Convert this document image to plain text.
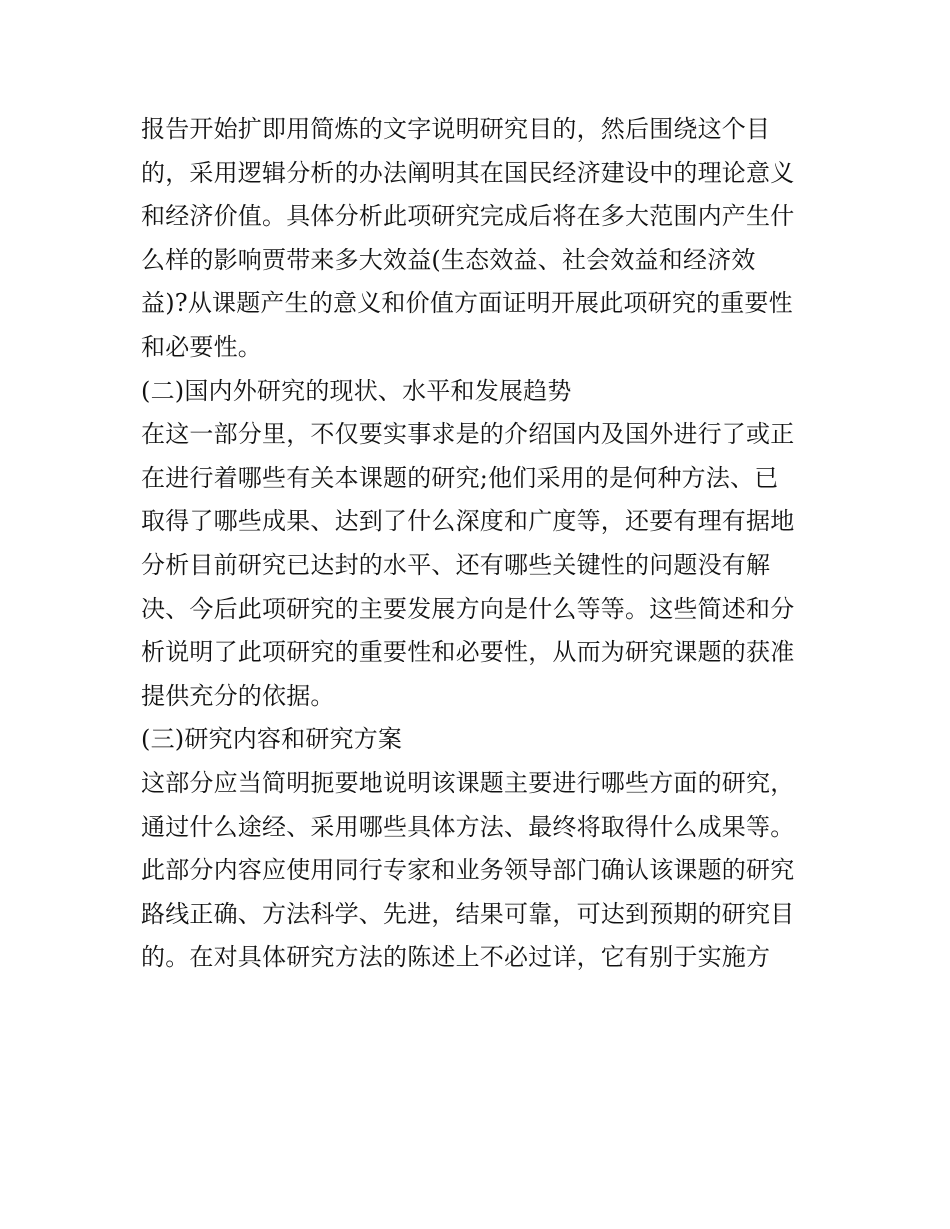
报告开始扩即用简炼的文字说明研究目的，然后围绕这个目
的，采用逻辑分析的办法阐明其在国民经济建设中的理论意义
和经济价值。具体分析此项研究完成后将在多大范围内产生什
么样的影响贾带来多大效益(生态效益、社会效益和经济效
益)?从课题产生的意义和价值方面证明开展此项研究的重要性
和必要性。
(二)国内外研究的现状、水平和发展趋势
在这一部分里，不仅要实事求是的介绍国内及国外进行了或正
在进行着哪些有关本课题的研究;他们采用的是何种方法、已
取得了哪些成果、达到了什么深度和广度等，还要有理有据地
分析目前研究已达封的水平、还有哪些关键性的问题没有解
决、今后此项研究的主要发展方向是什么等等。这些简述和分
析说明了此项研究的重要性和必要性，从而为研究课题的获准
提供充分的依据。
(三)研究内容和研究方案
这部分应当简明扼要地说明该课题主要进行哪些方面的研究，
通过什么途经、采用哪些具体方法、最终将取得什么成果等。
此部分内容应使用同行专家和业务领导部门确认该课题的研究
路线正确、方法科学、先进，结果可靠，可达到预期的研究目
的。在对具体研究方法的陈述上不必过详，它有别于实施方
